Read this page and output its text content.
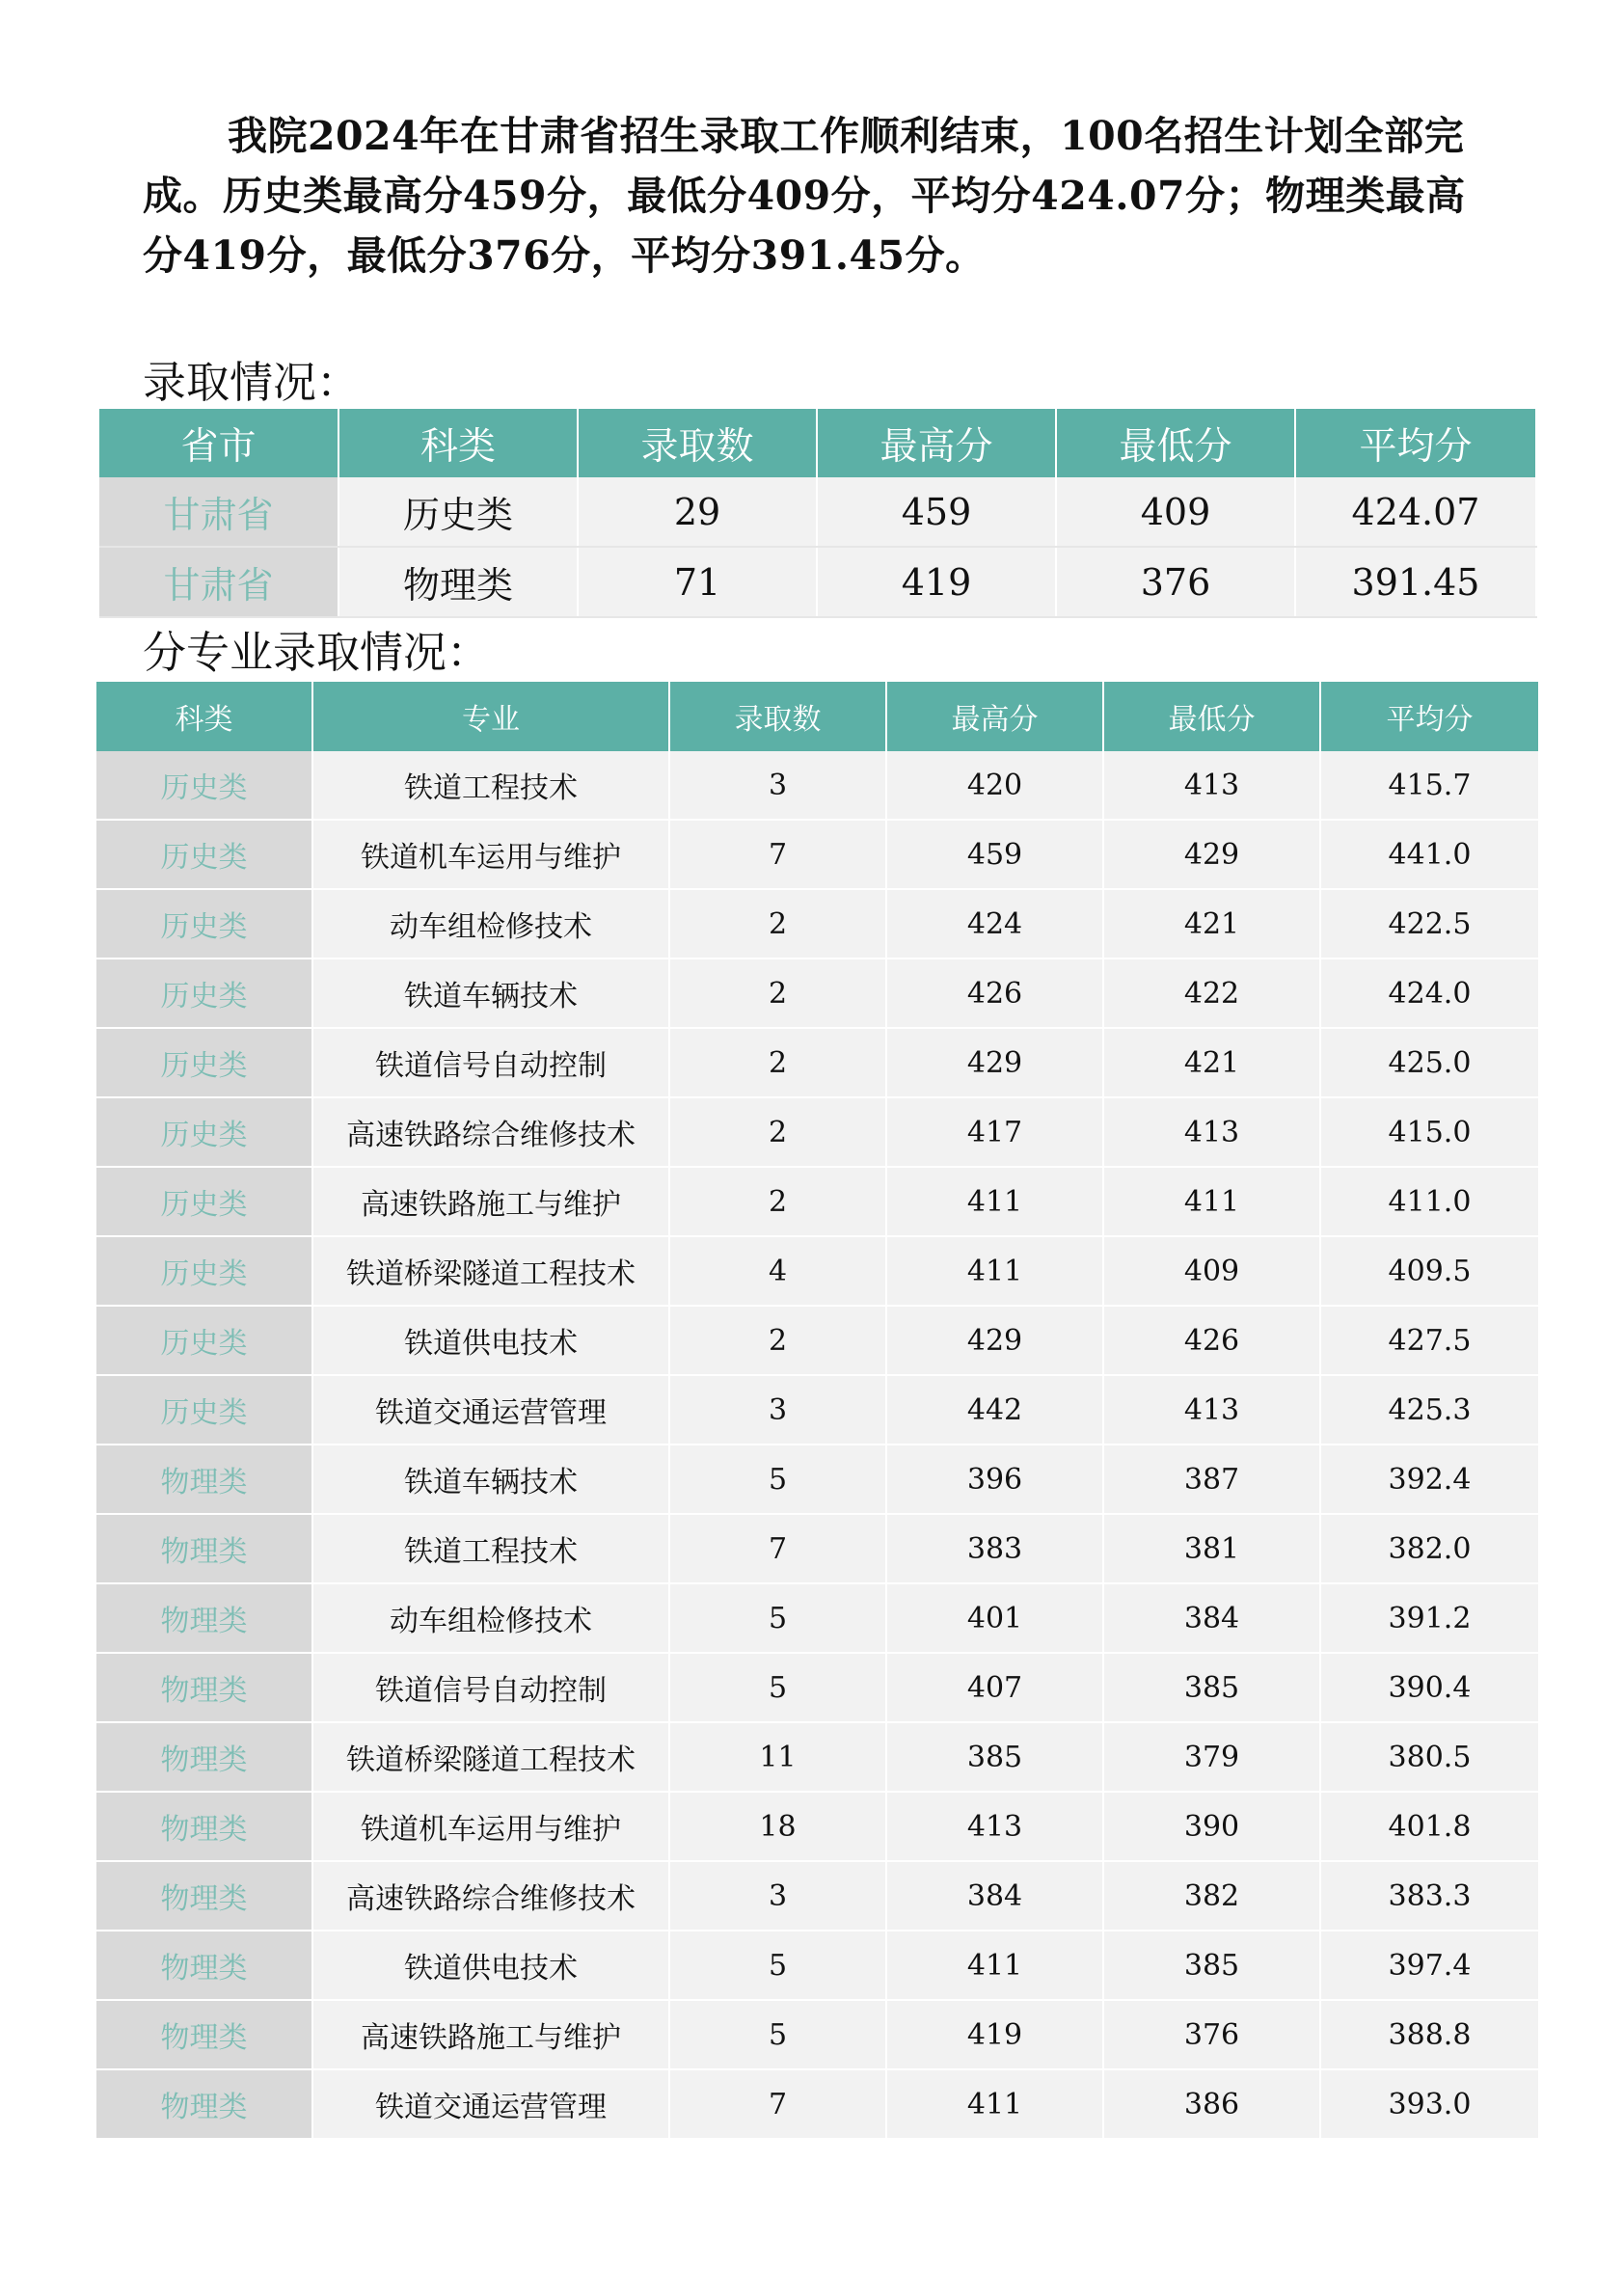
我院2024年在甘肃省招生录取工作顺利结束，100名招生计划全部完成。历史类最高分459分，最低分409分，平均分424.07分；物理类最高分419分，最低分376分，平均分391.45分。

录取情况：
省市	科类	录取数	最高分	最低分	平均分
甘肃省	历史类	29	459	409	424.07
甘肃省	物理类	71	419	376	391.45
分专业录取情况：
科类	专业	录取数	最高分	最低分	平均分
历史类	铁道工程技术	3	420	413	415.7
历史类	铁道机车运用与维护	7	459	429	441.0
历史类	动车组检修技术	2	424	421	422.5
历史类	铁道车辆技术	2	426	422	424.0
历史类	铁道信号自动控制	2	429	421	425.0
历史类	高速铁路综合维修技术	2	417	413	415.0
历史类	高速铁路施工与维护	2	411	411	411.0
历史类	铁道桥梁隧道工程技术	4	411	409	409.5
历史类	铁道供电技术	2	429	426	427.5
历史类	铁道交通运营管理	3	442	413	425.3
物理类	铁道车辆技术	5	396	387	392.4
物理类	铁道工程技术	7	383	381	382.0
物理类	动车组检修技术	5	401	384	391.2
物理类	铁道信号自动控制	5	407	385	390.4
物理类	铁道桥梁隧道工程技术	11	385	379	380.5
物理类	铁道机车运用与维护	18	413	390	401.8
物理类	高速铁路综合维修技术	3	384	382	383.3
物理类	铁道供电技术	5	411	385	397.4
物理类	高速铁路施工与维护	5	419	376	388.8
物理类	铁道交通运营管理	7	411	386	393.0
